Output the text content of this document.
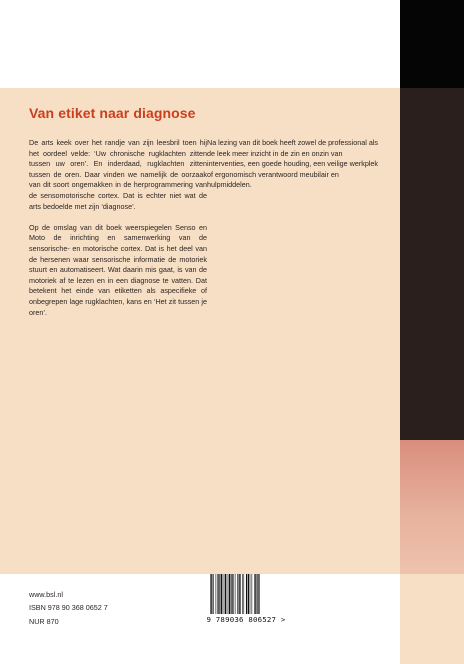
Van etiket naar diagnose

De arts keek over het randje van zijn leesbril toen hij het oordeel velde: ‘Uw chronische rugklachten zitten tussen uw oren’. En inderdaad, rugklachten zitten tussen de oren. Daar vinden we namelijk de oorzaak van dit soort ongemakken in de herprogrammering van de sensomotorische cortex. Dat is echter niet wat de arts bedoelde met zijn ‘diagnose’.

Op de omslag van dit boek weerspiegelen Senso en Moto de inrichting en samenwerking van de sensorische- en motorische cortex. Dat is het deel van de hersenen waar sensorische informatie de motoriek stuurt en automatiseert. Wat daarin mis gaat, is van de motoriek af te lezen en in een diagnose te vatten. Dat betekent het einde van etiketten als aspecifieke of onbegrepen lage rugklachten, kans en ‘Het zit tussen je oren’.

Na lezing van dit boek heeft zowel de professional als de leek meer inzicht in de zin en onzin van interventies, een goede houding, een veilige werkplek of ergonomisch verantwoord meubilair en hulpmiddelen.

www.bsl.nl
ISBN 978 90 368 0652 7
NUR 870	9 789036 806527 >
